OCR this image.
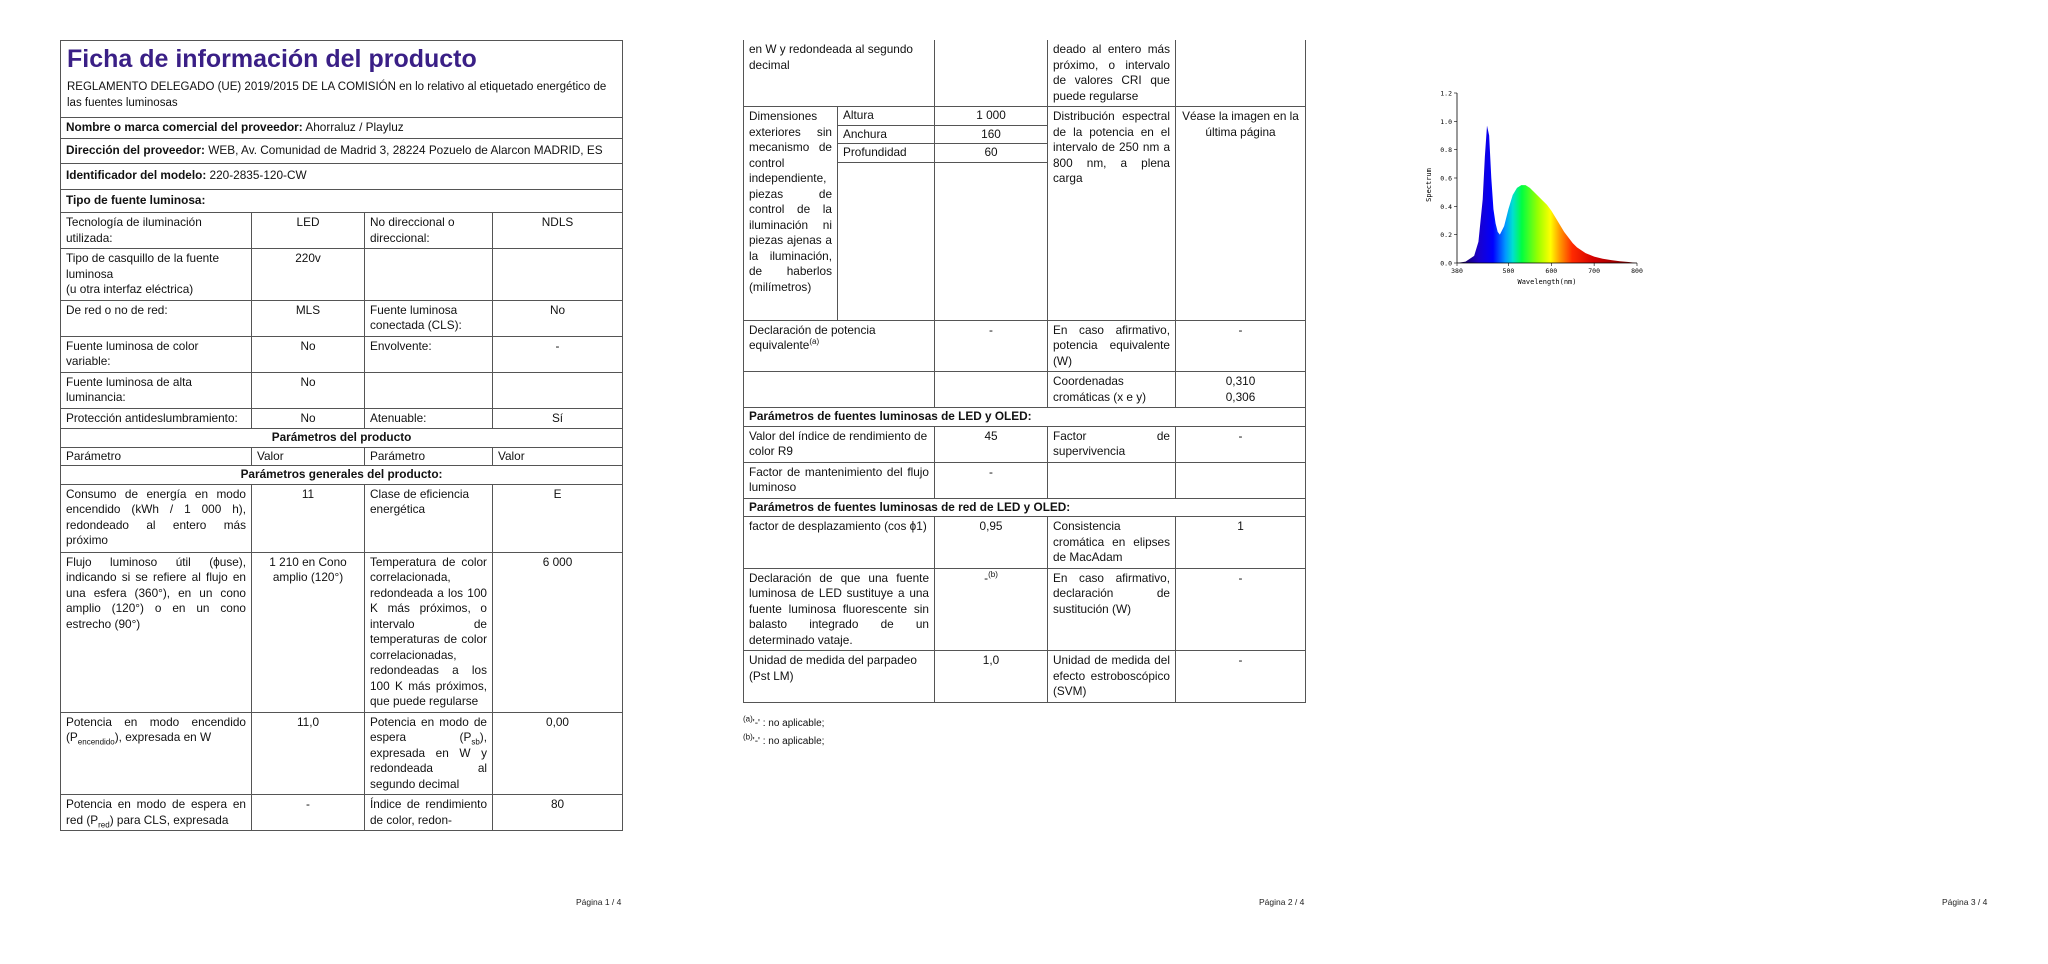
Ficha de información del producto
REGLAMENTO DELEGADO (UE) 2019/2015 DE LA COMISIÓN en lo relativo al etiquetado energético de las fuentes luminosas			

Nombre o marca comercial del proveedor: Ahorraluz / Playluz			
Dirección del proveedor: WEB, Av. Comunidad de Madrid 3, 28224 Pozuelo de Alarcon MADRID, ES			
Identificador del modelo: 220-2835-120-CW			
Tipo de fuente luminosa:			
Tecnología de iluminación utilizada:	LED	No direccional o direccional:	NDLS

Tipo de casquillo de la fuente luminosa
(u otra interfaz eléctrica)	220v		
De red o no de red:	MLS	Fuente luminosa conectada (CLS):	No
Fuente luminosa de color variable:	No	Envolvente:	-
Fuente luminosa de alta luminancia:	No		
Protección antideslumbramiento:	No	Atenuable:	Sí
Parámetros del producto			
Parámetro	Valor	Parámetro	Valor
Parámetros generales del producto:			
Consumo de energía en modo encendido (kWh / 1 000 h), redondeado al entero más próximo	11	Clase de eficiencia energética	E
Flujo luminoso útil (ϕuse), indicando si se refiere al flujo en una esfera (360°), en un cono amplio (120°) o en un cono estrecho (90°)	1 210 en Cono amplio (120°)	Temperatura de color correlacionada, redondeada a los 100 K más próximos, o intervalo de temperaturas de color correlacionadas, redondeadas a los 100 K más próximos, que puede regularse	6 000
Potencia en modo encendido $(P_{encendido})$, expresada en W	11,0	Potencia en modo de espera $(P_{sb})$, expresada en W y redondeada al segundo decimal	0,00
Potencia en modo de espera en red $(P_{red})$ para CLS, expresada	-	Índice de rendimiento de color, redon-	80
Página 1 / 4
en W y redondeada al segundo decimal			deado al entero más próximo, o intervalo de valores CRI que puede regularse	
Dimensiones exteriores sin mecanismo de control independiente, piezas de control de la iluminación ni piezas ajenas a la iluminación, de haberlos (milímetros)	Altura	1 000	Distribución espectral de la potencia en el intervalo de 250 nm a 800 nm, a plena carga	Véase la imagen en la última página
	Anchura	160		
	Profundidad	60		

Declaración de potencia equivalente$^{(a)}$		-	En caso afirmativo, potencia equivalente (W)	-
			Coordenadas cromáticas (x e y)	0,310
0,306

Parámetros de fuentes luminosas de LED y OLED:				
Valor del índice de rendimiento de color R9		45	Factor de supervivencia	-
Factor de mantenimiento del flujo luminoso		-		
Parámetros de fuentes luminosas de red de LED y OLED:				
factor de desplazamiento (cos ϕ1)		0,95	Consistencia cromática en elipses de MacAdam	1
Declaración de que una fuente luminosa de LED sustituye a una fuente luminosa fluorescente sin balasto integrado de un determinado vataje.		-$^{(b)}$	En caso afirmativo, declaración de sustitución (W)	-
Unidad de medida del parpadeo (Pst LM)		1,0	Unidad de medida del efecto estroboscópico (SVM)	-
$^{(a)}$'-' : no aplicable;
$^{(b)}$'-' : no aplicable;
Página 2 / 4
0.0
0.2
0.4
0.6
0.8
1.0
1.2
380	500	600	700	800
Spectrum
Wavelength(nm)
Página 3 / 4
